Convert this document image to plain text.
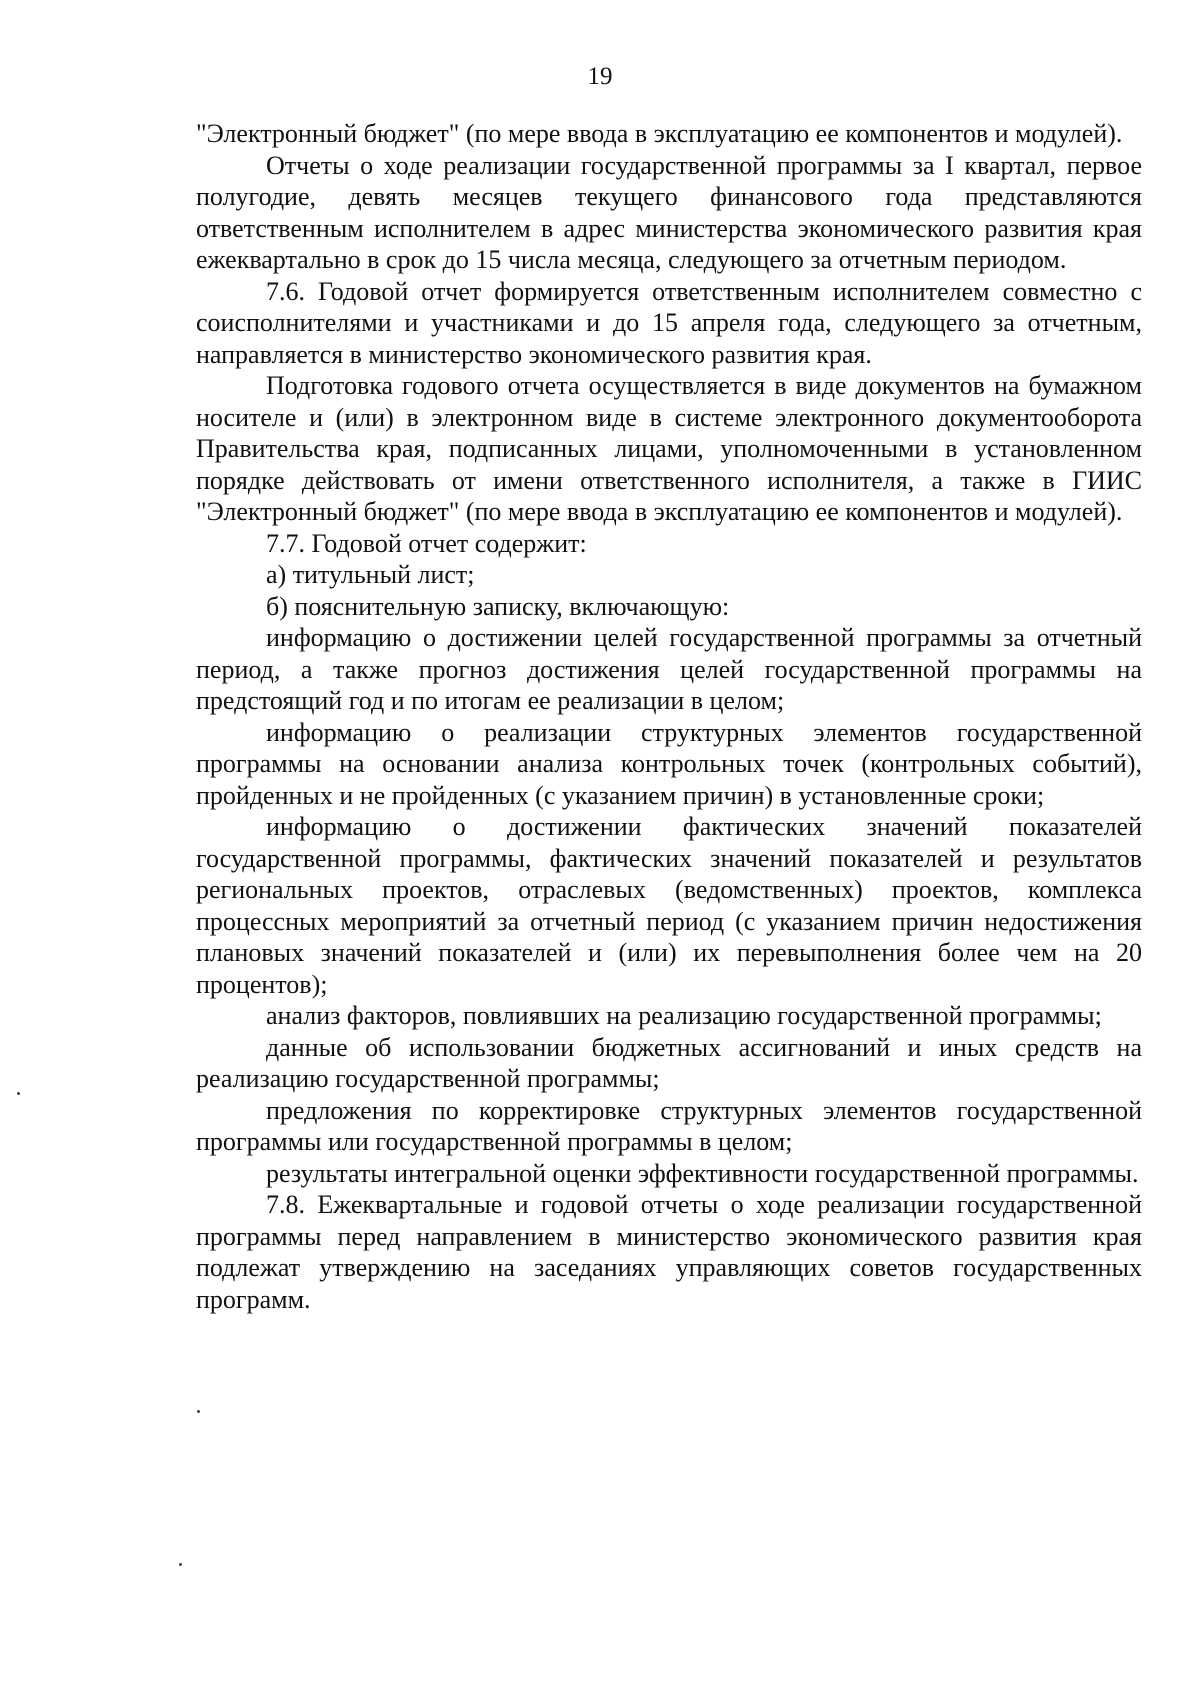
19

"Электронный бюджет" (по мере ввода в эксплуатацию ее компонентов и модулей).

Отчеты о ходе реализации государственной программы за I квартал, первое полугодие, девять месяцев текущего финансового года представляются ответственным исполнителем в адрес министерства экономического развития края ежеквартально в срок до 15 числа месяца, следующего за отчетным периодом.

7.6. Годовой отчет формируется ответственным исполнителем совместно с соисполнителями и участниками и до 15 апреля года, следующего за отчетным, направляется в министерство экономического развития края.

Подготовка годового отчета осуществляется в виде документов на бумажном носителе и (или) в электронном виде в системе электронного документооборота Правительства края, подписанных лицами, уполномоченными в установленном порядке действовать от имени ответственного исполнителя, а также в ГИИС "Электронный бюджет" (по мере ввода в эксплуатацию ее компонентов и модулей).

7.7. Годовой отчет содержит:

а) титульный лист;

б) пояснительную записку, включающую:

информацию о достижении целей государственной программы за отчетный период, а также прогноз достижения целей государственной программы на предстоящий год и по итогам ее реализации в целом;

информацию о реализации структурных элементов государственной программы на основании анализа контрольных точек (контрольных событий), пройденных и не пройденных (с указанием причин) в установленные сроки;

информацию о достижении фактических значений показателей государственной программы, фактических значений показателей и результатов региональных проектов, отраслевых (ведомственных) проектов, комплекса процессных мероприятий за отчетный период (с указанием причин недостижения плановых значений показателей и (или) их перевыполнения более чем на 20 процентов);

анализ факторов, повлиявших на реализацию государственной программы;

данные об использовании бюджетных ассигнований и иных средств на реализацию государственной программы;

предложения по корректировке структурных элементов государственной программы или государственной программы в целом;

результаты интегральной оценки эффективности государственной программы.

7.8. Ежеквартальные и годовой отчеты о ходе реализации государственной программы перед направлением в министерство экономического развития края подлежат утверждению на заседаниях управляющих советов государственных программ.
